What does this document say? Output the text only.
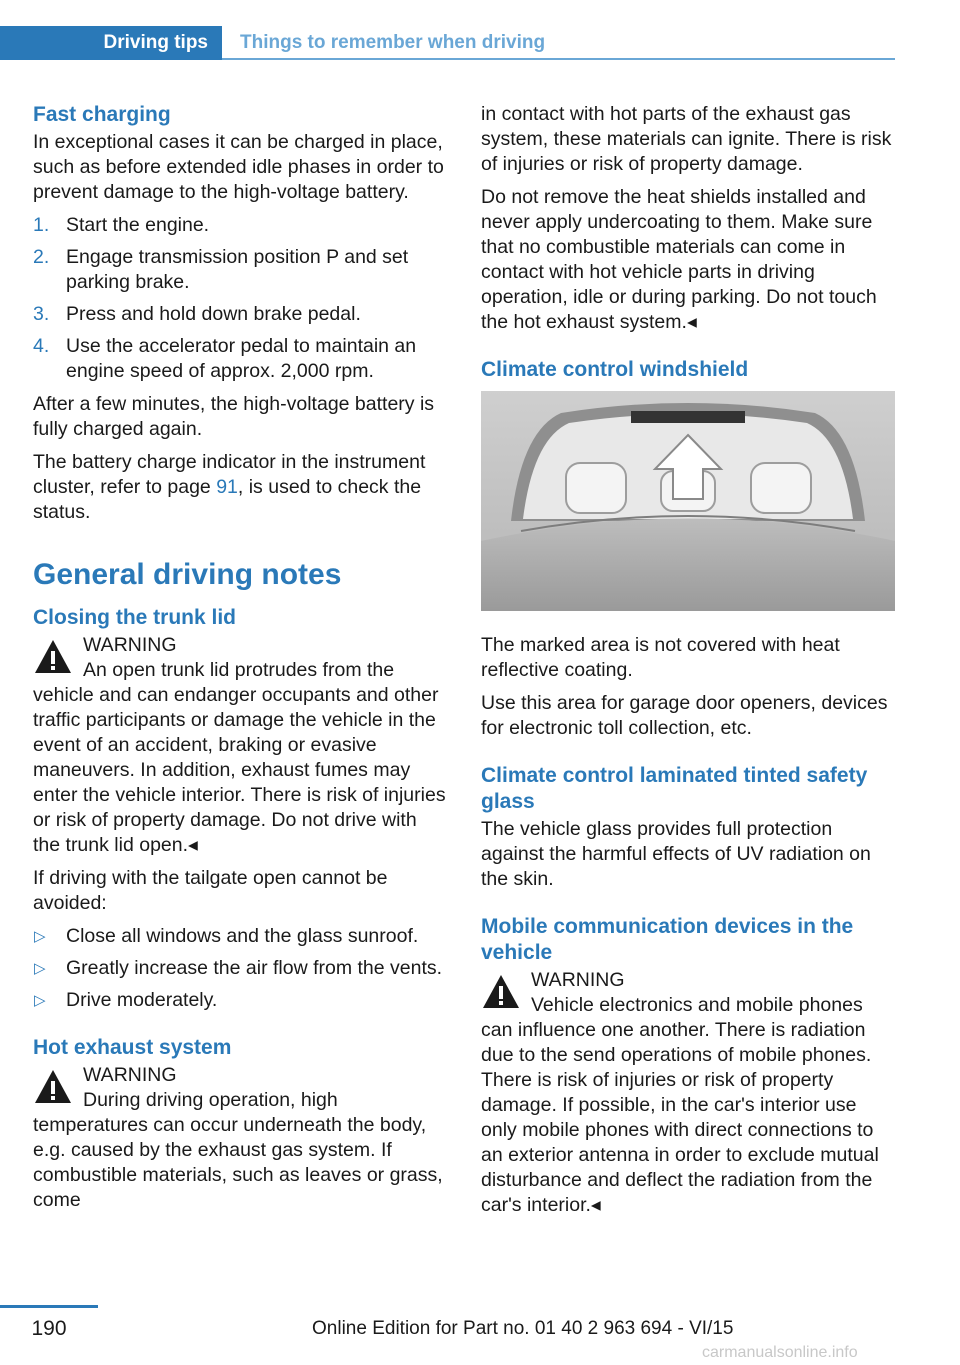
Driving tips	Things to remember when driving
Fast charging

In exceptional cases it can be charged in place, such as before extended idle phases in order to prevent damage to the high-voltage battery.

1. Start the engine.
2. Engage transmission position P and set parking brake.
3. Press and hold down brake pedal.
4. Use the accelerator pedal to maintain an engine speed of approx. 2,000 rpm.

After a few minutes, the high-voltage battery is fully charged again.

The battery charge indicator in the instrument cluster, refer to page 91, is used to check the status.

General driving notes
Closing the trunk lid
WARNING
An open trunk lid protrudes from the vehicle and can endanger occupants and other traffic participants or damage the vehicle in the event of an accident, braking or evasive maneuvers. In addition, exhaust fumes may enter the vehicle interior. There is risk of injuries or risk of property damage. Do not drive with the trunk lid open.◂

If driving with the tailgate open cannot be avoided:

▷ Close all windows and the glass sunroof.
▷ Greatly increase the air flow from the vents.
▷ Drive moderately.
Hot exhaust system
WARNING
During driving operation, high temperatures can occur underneath the body, e.g. caused by the exhaust gas system. If combustible materials, such as leaves or grass, come

in contact with hot parts of the exhaust gas system, these materials can ignite. There is risk of injuries or risk of property damage.

Do not remove the heat shields installed and never apply undercoating to them. Make sure that no combustible materials can come in contact with hot vehicle parts in driving operation, idle or during parking. Do not touch the hot exhaust system.◂

Climate control windshield

The marked area is not covered with heat reflective coating.

Use this area for garage door openers, devices for electronic toll collection, etc.

Climate control laminated tinted safety glass

The vehicle glass provides full protection against the harmful effects of UV radiation on the skin.

Mobile communication devices in the vehicle
WARNING
Vehicle electronics and mobile phones can influence one another. There is radiation due to the send operations of mobile phones. There is risk of injuries or risk of property damage. If possible, in the car's interior use only mobile phones with direct connections to an exterior antenna in order to exclude mutual disturbance and deflect the radiation from the car's interior.◂
190	Online Edition for Part no. 01 40 2 963 694 - VI/15
carmanualsonline.info
